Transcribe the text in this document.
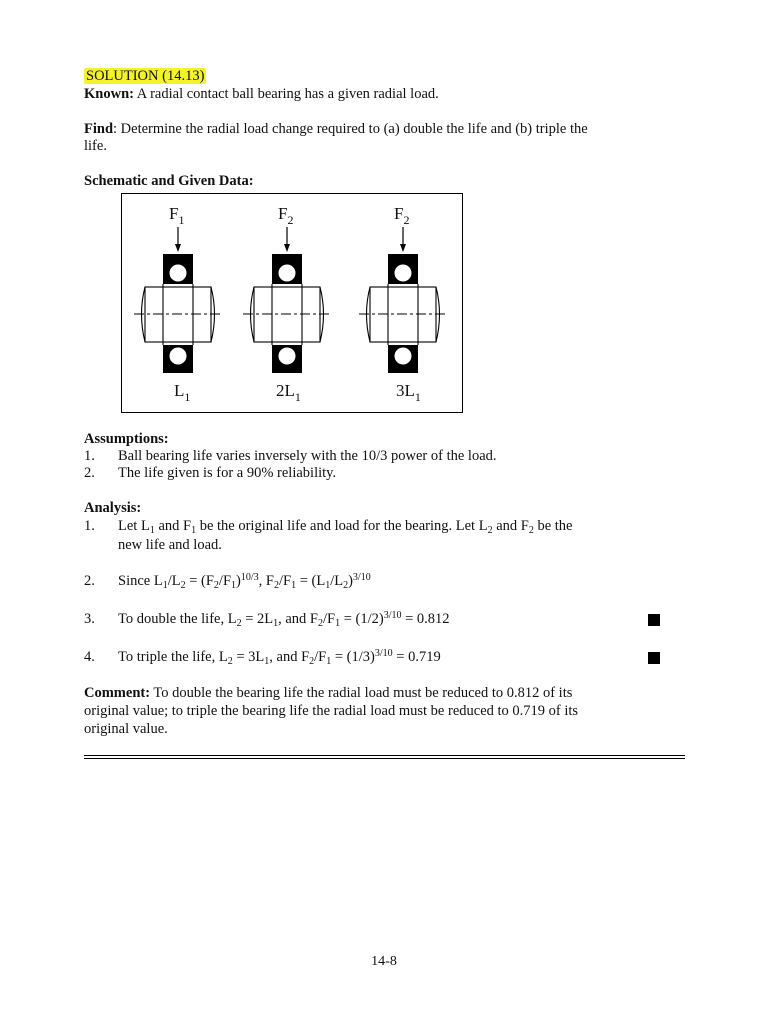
SOLUTION (14.13)
Known: A radial contact ball bearing has a given radial load.
Find: Determine the radial load change required to (a) double the life and (b) triple the
life.
Schematic and Given Data:
$F_1$	$F_2$	$F_2$
$L_1$	$2L_1$	$3L_1$
Assumptions:
1. Ball bearing life varies inversely with the 10/3 power of the load.
2. The life given is for a 90% reliability.
Analysis:
1. Let $L_1$ and $F_1$ be the original life and load for the bearing. Let $L_2$ and $F_2$ be the
new life and load.
2. Since $L_1/L_2 = (F_2/F_1)^{10/3}$, $F_2/F_1 = (L_1/L_2)^{3/10}$
3. To double the life, $L_2 = 2L_1$, and $F_2/F_1 = (1/2)^{3/10} = 0.812$
4. To triple the life, $L_2 = 3L_1$, and $F_2/F_1 = (1/3)^{3/10} = 0.719$
Comment: To double the bearing life the radial load must be reduced to 0.812 of its
original value; to triple the bearing life the radial load must be reduced to 0.719 of its
original value.
14-8
